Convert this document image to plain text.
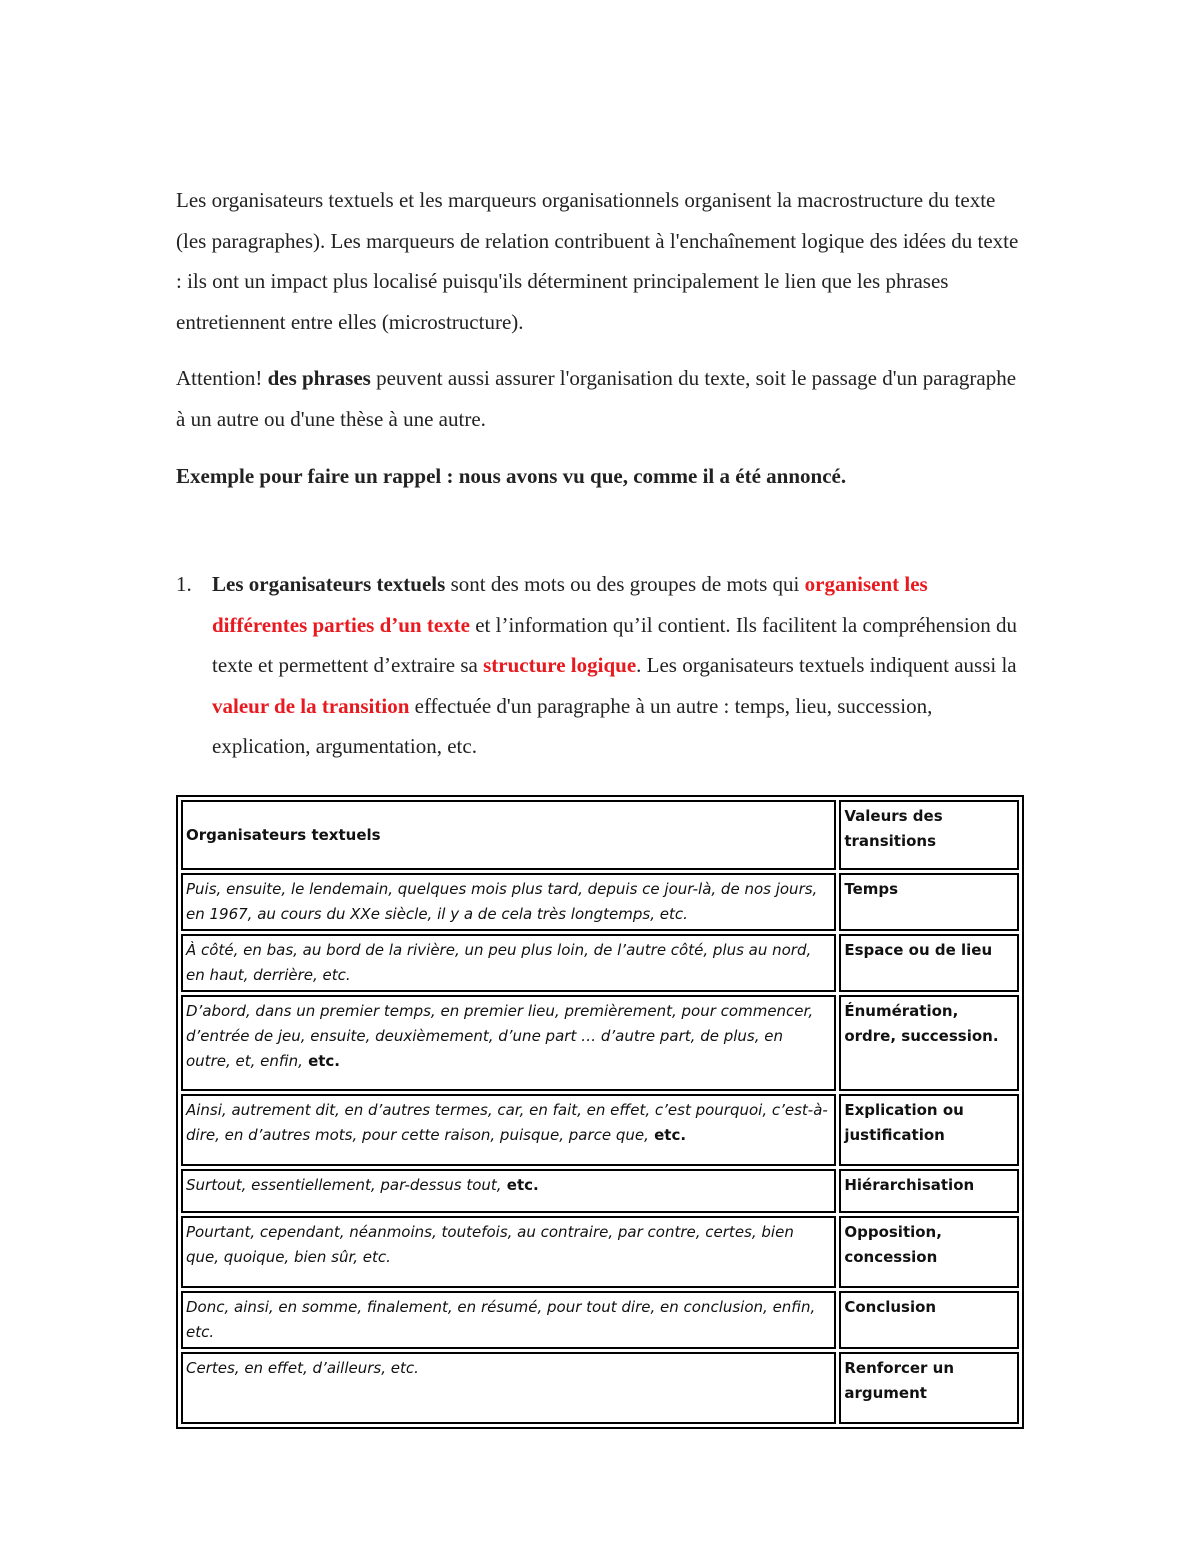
Les organisateurs textuels et les marqueurs organisationnels organisent la macrostructure du texte (les paragraphes). Les marqueurs de relation contribuent à l'enchaînement logique des idées du texte : ils ont un impact plus localisé puisqu'ils déterminent principalement le lien que les phrases entretiennent entre elles (microstructure).
Attention! des phrases peuvent aussi assurer l'organisation du texte, soit le passage d'un paragraphe à un autre ou d'une thèse à une autre.
Exemple pour faire un rappel : nous avons vu que, comme il a été annoncé.
1. Les organisateurs textuels sont des mots ou des groupes de mots qui organisent les différentes parties d’un texte et l’information qu’il contient. Ils facilitent la compréhension du texte et permettent d’extraire sa structure logique. Les organisateurs textuels indiquent aussi la valeur de la transition effectuée d'un paragraphe à un autre : temps, lieu, succession, explication, argumentation, etc.
Organisateurs textuels	Valeurs des transitions
Puis, ensuite, le lendemain, quelques mois plus tard, depuis ce jour-là, de nos jours, en 1967, au cours du XXe siècle, il y a de cela très longtemps, etc.	Temps
À côté, en bas, au bord de la rivière, un peu plus loin, de l’autre côté, plus au nord, en haut, derrière, etc.	Espace ou de lieu
D’abord, dans un premier temps, en premier lieu, premièrement, pour commencer, d’entrée de jeu, ensuite, deuxièmement, d’une part … d’autre part, de plus, en outre, et, enfin, etc.	Énumération, ordre, succession.
Ainsi, autrement dit, en d’autres termes, car, en fait, en effet, c’est pourquoi, c’est-à-dire, en d’autres mots, pour cette raison, puisque, parce que, etc.	Explication ou justification
Surtout, essentiellement, par-dessus tout, etc.	Hiérarchisation
Pourtant, cependant, néanmoins, toutefois, au contraire, par contre, certes, bien que, quoique, bien sûr, etc.	Opposition, concession
Donc, ainsi, en somme, finalement, en résumé, pour tout dire, en conclusion, enfin, etc.	Conclusion
Certes, en effet, d’ailleurs, etc.	Renforcer un argument
